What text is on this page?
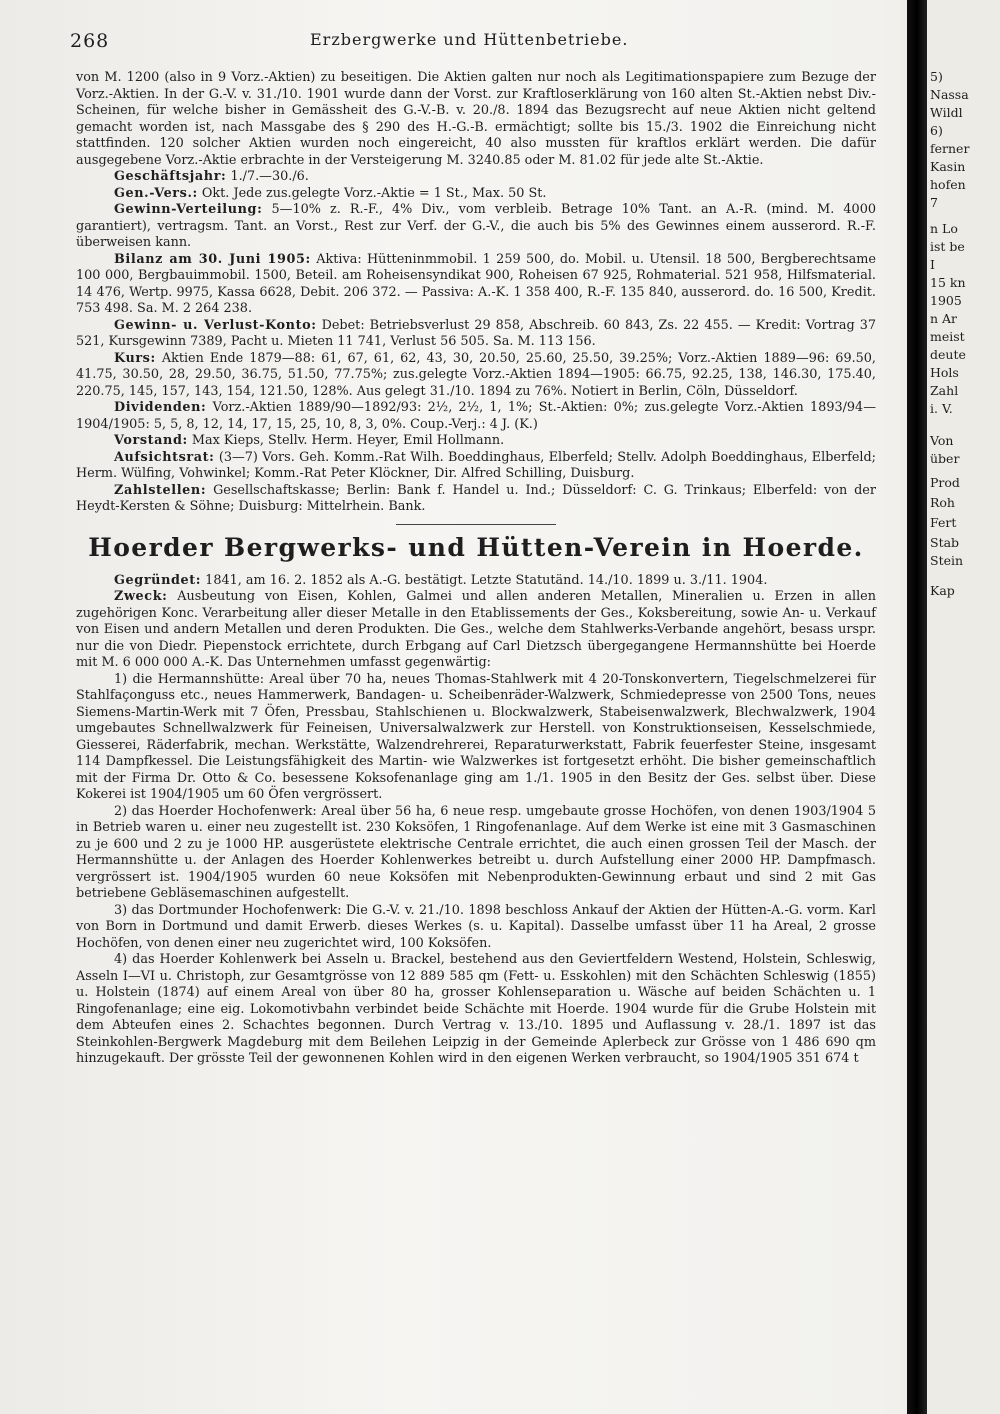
268	Erzbergwerke und Hüttenbetriebe.

von M. 1200 (also in 9 Vorz.-Aktien) zu beseitigen. Die Aktien galten nur noch als Legitimationspapiere zum Bezuge der Vorz.-Aktien. In der G.-V. v. 31./10. 1901 wurde dann der Vorst. zur Kraftloserklärung von 160 alten St.-Aktien nebst Div.-Scheinen, für welche bisher in Gemässheit des G.-V.-B. v. 20./8. 1894 das Bezugsrecht auf neue Aktien nicht geltend gemacht worden ist, nach Massgabe des § 290 des H.-G.-B. ermächtigt; sollte bis 15./3. 1902 die Einreichung nicht stattfinden. 120 solcher Aktien wurden noch eingereicht, 40 also mussten für kraftlos erklärt werden. Die dafür ausgegebene Vorz.-Aktie erbrachte in der Versteigerung M. 3240.85 oder M. 81.02 für jede alte St.-Aktie.

Geschäftsjahr: 1./7.—30./6.

Gen.-Vers.: Okt. Jede zus.gelegte Vorz.-Aktie = 1 St., Max. 50 St.

Gewinn-Verteilung: 5—10% z. R.-F., 4% Div., vom verbleib. Betrage 10% Tant. an A.-R. (mind. M. 4000 garantiert), vertragsm. Tant. an Vorst., Rest zur Verf. der G.-V., die auch bis 5% des Gewinnes einem ausserord. R.-F. überweisen kann.

Bilanz am 30. Juni 1905: Aktiva: Hütteninmmobil. 1 259 500, do. Mobil. u. Utensil. 18 500, Bergberechtsame 100 000, Bergbauimmobil. 1500, Beteil. am Roheisensyndikat 900, Roheisen 67 925, Rohmaterial. 521 958, Hilfsmaterial. 14 476, Wertp. 9975, Kassa 6628, Debit. 206 372. — Passiva: A.-K. 1 358 400, R.-F. 135 840, ausserord. do. 16 500, Kredit. 753 498. Sa. M. 2 264 238.

Gewinn- u. Verlust-Konto: Debet: Betriebsverlust 29 858, Abschreib. 60 843, Zs. 22 455. — Kredit: Vortrag 37 521, Kursgewinn 7389, Pacht u. Mieten 11 741, Verlust 56 505. Sa. M. 113 156.

Kurs: Aktien Ende 1879—88: 61, 67, 61, 62, 43, 30, 20.50, 25.60, 25.50, 39.25%; Vorz.-Aktien 1889—96: 69.50, 41.75, 30.50, 28, 29.50, 36.75, 51.50, 77.75%; zus.gelegte Vorz.-Aktien 1894—1905: 66.75, 92.25, 138, 146.30, 175.40, 220.75, 145, 157, 143, 154, 121.50, 128%. Aus gelegt 31./10. 1894 zu 76%. Notiert in Berlin, Cöln, Düsseldorf.

Dividenden: Vorz.-Aktien 1889/90—1892/93: 2½, 2½, 1, 1%; St.-Aktien: 0%; zus.gelegte Vorz.-Aktien 1893/94—1904/1905: 5, 5, 8, 12, 14, 17, 15, 25, 10, 8, 3, 0%. Coup.-Verj.: 4 J. (K.)

Vorstand: Max Kieps, Stellv. Herm. Heyer, Emil Hollmann.

Aufsichtsrat: (3—7) Vors. Geh. Komm.-Rat Wilh. Boeddinghaus, Elberfeld; Stellv. Adolph Boeddinghaus, Elberfeld; Herm. Wülfing, Vohwinkel; Komm.-Rat Peter Klöckner, Dir. Alfred Schilling, Duisburg.

Zahlstellen: Gesellschaftskasse; Berlin: Bank f. Handel u. Ind.; Düsseldorf: C. G. Trinkaus; Elberfeld: von der Heydt-Kersten & Söhne; Duisburg: Mittelrhein. Bank.

Hoerder Bergwerks- und Hütten-Verein in Hoerde.

Gegründet: 1841, am 16. 2. 1852 als A.-G. bestätigt. Letzte Statutänd. 14./10. 1899 u. 3./11. 1904.

Zweck: Ausbeutung von Eisen, Kohlen, Galmei und allen anderen Metallen, Mineralien u. Erzen in allen zugehörigen Konc. Verarbeitung aller dieser Metalle in den Etablissements der Ges., Koksbereitung, sowie An- u. Verkauf von Eisen und andern Metallen und deren Produkten. Die Ges., welche dem Stahlwerks-Verbande angehört, besass urspr. nur die von Diedr. Piepenstock errichtete, durch Erbgang auf Carl Dietzsch übergegangene Hermannshütte bei Hoerde mit M. 6 000 000 A.-K. Das Unternehmen umfasst gegenwärtig:

1) die Hermannshütte: Areal über 70 ha, neues Thomas-Stahlwerk mit 4 20-Tonskonvertern, Tiegelschmelzerei für Stahlfaçonguss etc., neues Hammerwerk, Bandagen- u. Scheibenräder-Walzwerk, Schmiedepresse von 2500 Tons, neues Siemens-Martin-Werk mit 7 Öfen, Pressbau, Stahlschienen u. Blockwalzwerk, Stabeisenwalzwerk, Blechwalzwerk, 1904 umgebautes Schnellwalzwerk für Feineisen, Universalwalzwerk zur Herstell. von Konstruktionseisen, Kesselschmiede, Giesserei, Räderfabrik, mechan. Werkstätte, Walzendrehrerei, Reparaturwerkstatt, Fabrik feuerfester Steine, insgesamt 114 Dampfkessel. Die Leistungsfähigkeit des Martin- wie Walzwerkes ist fortgesetzt erhöht. Die bisher gemeinschaftlich mit der Firma Dr. Otto & Co. besessene Koksofenanlage ging am 1./1. 1905 in den Besitz der Ges. selbst über. Diese Kokerei ist 1904/1905 um 60 Öfen vergrössert.

2) das Hoerder Hochofenwerk: Areal über 56 ha, 6 neue resp. umgebaute grosse Hochöfen, von denen 1903/1904 5 in Betrieb waren u. einer neu zugestellt ist. 230 Koksöfen, 1 Ringofenanlage. Auf dem Werke ist eine mit 3 Gasmaschinen zu je 600 und 2 zu je 1000 HP. ausgerüstete elektrische Centrale errichtet, die auch einen grossen Teil der Masch. der Hermannshütte u. der Anlagen des Hoerder Kohlenwerkes betreibt u. durch Aufstellung einer 2000 HP. Dampfmasch. vergrössert ist. 1904/1905 wurden 60 neue Koksöfen mit Nebenprodukten-Gewinnung erbaut und sind 2 mit Gas betriebene Gebläsemaschinen aufgestellt.

3) das Dortmunder Hochofenwerk: Die G.-V. v. 21./10. 1898 beschloss Ankauf der Aktien der Hütten-A.-G. vorm. Karl von Born in Dortmund und damit Erwerb. dieses Werkes (s. u. Kapital). Dasselbe umfasst über 11 ha Areal, 2 grosse Hochöfen, von denen einer neu zugerichtet wird, 100 Koksöfen.

4) das Hoerder Kohlenwerk bei Asseln u. Brackel, bestehend aus den Geviertfeldern Westend, Holstein, Schleswig, Asseln I—VI u. Christoph, zur Gesamtgrösse von 12 889 585 qm (Fett- u. Esskohlen) mit den Schächten Schleswig (1855) u. Holstein (1874) auf einem Areal von über 80 ha, grosser Kohlenseparation u. Wäsche auf beiden Schächten u. 1 Ringofenanlage; eine eig. Lokomotivbahn verbindet beide Schächte mit Hoerde. 1904 wurde für die Grube Holstein mit dem Abteufen eines 2. Schachtes begonnen. Durch Vertrag v. 13./10. 1895 und Auflassung v. 28./1. 1897 ist das Steinkohlen-Bergwerk Magdeburg mit dem Beilehen Leipzig in der Gemeinde Aplerbeck zur Grösse von 1 486 690 qm hinzugekauft. Der grösste Teil der gewonnenen Kohlen wird in den eigenen Werken verbraucht, so 1904/1905 351 674 t

5)
Nassa
Wildl
6)
ferner
Kasin
hofen
7
n Lo
ist be
I
15 kn
1905
n Ar
meist
deute
Hols
Zahl
i. V.
Von
über
Prod
Roh
Fert
Stab
Stein
Kap
